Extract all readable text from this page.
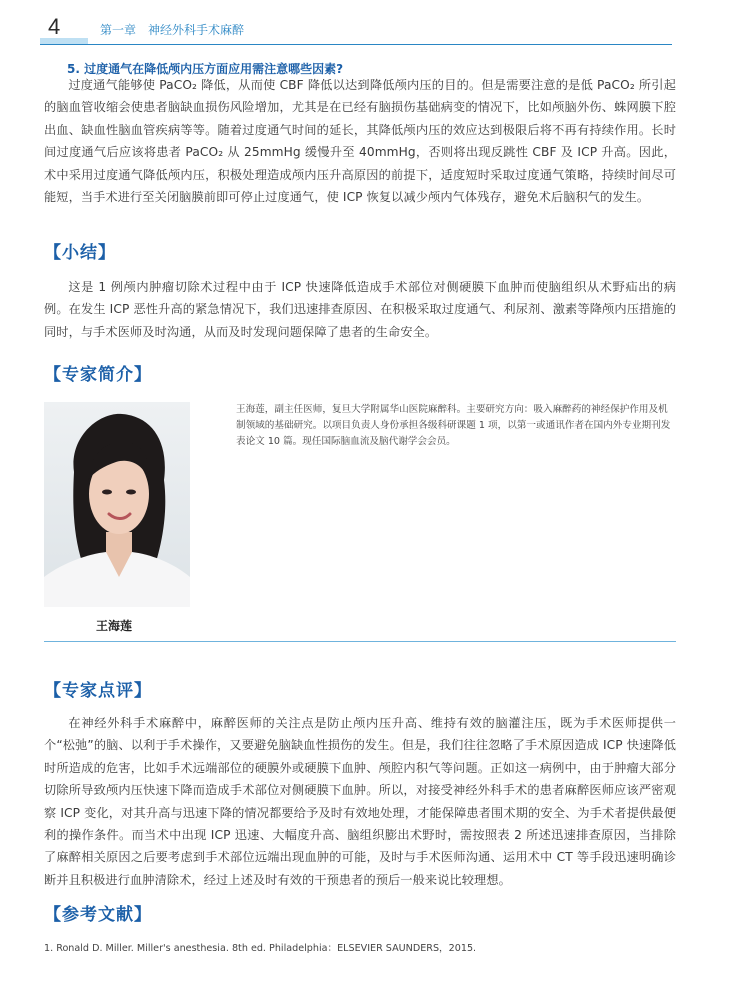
4	第一章　神经外科手术麻醉
5. 过度通气在降低颅内压方面应用需注意哪些因素?

过度通气能够使 PaCO₂ 降低，从而使 CBF 降低以达到降低颅内压的目的。但是需要注意的是低 PaCO₂ 所引起的脑血管收缩会使患者脑缺血损伤风险增加，尤其是在已经有脑损伤基础病变的情况下，比如颅脑外伤、蛛网膜下腔出血、缺血性脑血管疾病等等。随着过度通气时间的延长，其降低颅内压的效应达到极限后将不再有持续作用。长时间过度通气后应该将患者 PaCO₂ 从 25mmHg 缓慢升至 40mmHg，否则将出现反跳性 CBF 及 ICP 升高。因此，术中采用过度通气降低颅内压，积极处理造成颅内压升高原因的前提下，适度短时采取过度通气策略，持续时间尽可能短，当手术进行至关闭脑膜前即可停止过度通气，使 ICP 恢复以减少颅内气体残存，避免术后脑积气的发生。

【小结】

这是 1 例颅内肿瘤切除术过程中由于 ICP 快速降低造成手术部位对侧硬膜下血肿而使脑组织从术野疝出的病例。在发生 ICP 恶性升高的紧急情况下，我们迅速排查原因、在积极采取过度通气、利尿剂、激素等降颅内压措施的同时，与手术医师及时沟通，从而及时发现问题保障了患者的生命安全。

【专家简介】
王海莲
王海莲，副主任医师，复旦大学附属华山医院麻醉科。主要研究方向：吸入麻醉药的神经保护作用及机制领域的基础研究。以项目负责人身份承担各级科研课题 1 项，以第一或通讯作者在国内外专业期刊发表论文 10 篇。现任国际脑血流及脑代谢学会会员。
【专家点评】

在神经外科手术麻醉中，麻醉医师的关注点是防止颅内压升高、维持有效的脑灌注压，既为手术医师提供一个“松弛”的脑、以利于手术操作，又要避免脑缺血性损伤的发生。但是，我们往往忽略了手术原因造成 ICP 快速降低时所造成的危害，比如手术远端部位的硬膜外或硬膜下血肿、颅腔内积气等问题。正如这一病例中，由于肿瘤大部分切除所导致颅内压快速下降而造成手术部位对侧硬膜下血肿。所以，对接受神经外科手术的患者麻醉医师应该严密观察 ICP 变化，对其升高与迅速下降的情况都要给予及时有效地处理，才能保障患者围术期的安全、为手术者提供最便利的操作条件。而当术中出现 ICP 迅速、大幅度升高、脑组织膨出术野时，需按照表 2 所述迅速排查原因，当排除了麻醉相关原因之后要考虑到手术部位远端出现血肿的可能，及时与手术医师沟通、运用术中 CT 等手段迅速明确诊断并且积极进行血肿清除术，经过上述及时有效的干预患者的预后一般来说比较理想。

【参考文献】
1. Ronald D. Miller. Miller's anesthesia. 8th ed. Philadelphia：ELSEVIER SAUNDERS，2015.
